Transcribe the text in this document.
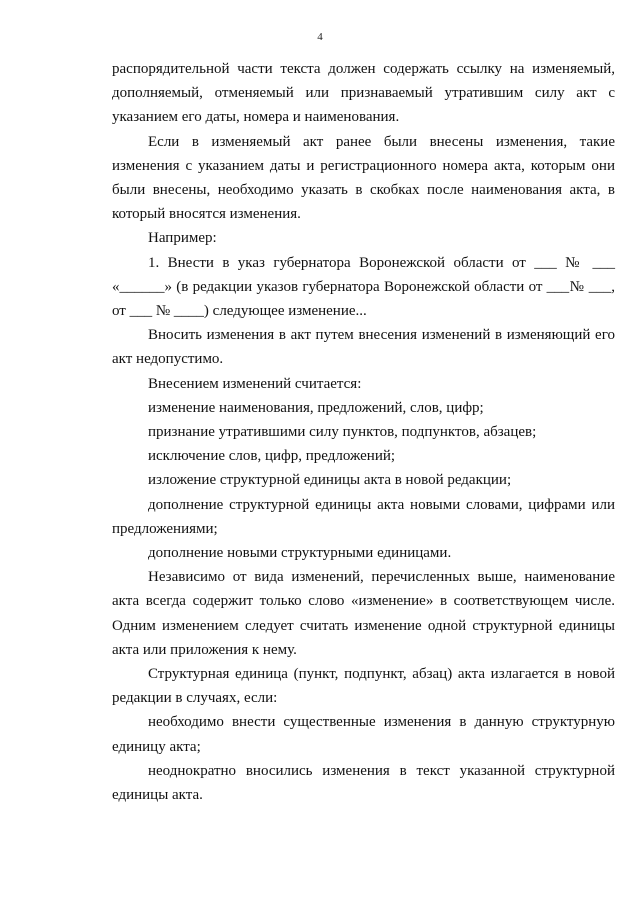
4

распорядительной части текста должен содержать ссылку на изменяемый, дополняемый, отменяемый или признаваемый утратившим силу акт с указанием его даты, номера и наименования.

Если в изменяемый акт ранее были внесены изменения, такие изменения с указанием даты и регистрационного номера акта, которым они были внесены, необходимо указать в скобках после наименования акта, в который вносятся изменения.

Например:

1. Внести в указ губернатора Воронежской области от ___ № ___ «______» (в редакции указов губернатора Воронежской области от ___№ ___, от ___ № ____) следующее изменение...

Вносить изменения в акт путем внесения изменений в изменяющий его акт недопустимо.

Внесением изменений считается:

изменение наименования, предложений, слов, цифр;

признание утратившими силу пунктов, подпунктов, абзацев;

исключение слов, цифр, предложений;

изложение структурной единицы акта в новой редакции;

дополнение структурной единицы акта новыми словами, цифрами или предложениями;

дополнение новыми структурными единицами.

Независимо от вида изменений, перечисленных выше, наименование акта всегда содержит только слово «изменение» в соответствующем числе. Одним изменением следует считать изменение одной структурной единицы акта или приложения к нему.

Структурная единица (пункт, подпункт, абзац) акта излагается в новой редакции в случаях, если:

необходимо внести существенные изменения в данную структурную единицу акта;

неоднократно вносились изменения в текст указанной структурной единицы акта.
